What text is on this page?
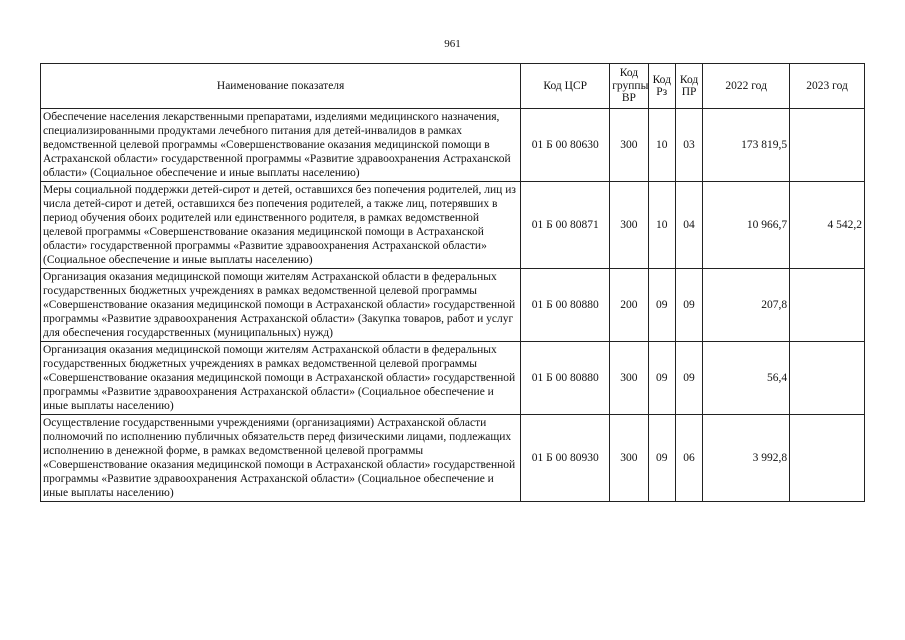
961
Наименование показателя	Код ЦСР	Код группы ВР	Код Рз	Код ПР	2022 год	2023 год
Обеспечение населения лекарственными препаратами, изделиями медицинского назначения, специализированными продуктами лечебного питания для детей-инвалидов в рамках ведомственной целевой программы «Совершенствование оказания медицинской помощи в Астраханской области» государственной программы «Развитие здравоохранения Астраханской области» (Социальное обеспечение и иные выплаты населению)	01 Б 00 80630	300	10	03	173 819,5	
Меры социальной поддержки детей-сирот и детей, оставшихся без попечения родителей, лиц из числа детей-сирот и детей, оставшихся без попечения родителей, а также лиц, потерявших в период обучения обоих родителей или единственного родителя, в рамках ведомственной целевой программы «Совершенствование оказания медицинской помощи в Астраханской области» государственной программы «Развитие здравоохранения Астраханской области» (Социальное обеспечение и иные выплаты населению)	01 Б 00 80871	300	10	04	10 966,7	4 542,2
Организация оказания медицинской помощи жителям Астраханской области в федеральных государственных бюджетных учреждениях в рамках ведомственной целевой программы «Совершенствование оказания медицинской помощи в Астраханской области» государственной программы «Развитие здравоохранения Астраханской области» (Закупка товаров, работ и услуг для обеспечения государственных (муниципальных) нужд)	01 Б 00 80880	200	09	09	207,8	
Организация оказания медицинской помощи жителям Астраханской области в федеральных государственных бюджетных учреждениях в рамках ведомственной целевой программы «Совершенствование оказания медицинской помощи в Астраханской области» государственной программы «Развитие здравоохранения Астраханской области» (Социальное обеспечение и иные выплаты населению)	01 Б 00 80880	300	09	09	56,4	
Осуществление государственными учреждениями (организациями) Астраханской области полномочий по исполнению публичных обязательств перед физическими лицами, подлежащих исполнению в денежной форме, в рамках ведомственной целевой программы «Совершенствование оказания медицинской помощи в Астраханской области» государственной программы «Развитие здравоохранения Астраханской области» (Социальное обеспечение и иные выплаты населению)	01 Б 00 80930	300	09	06	3 992,8	
